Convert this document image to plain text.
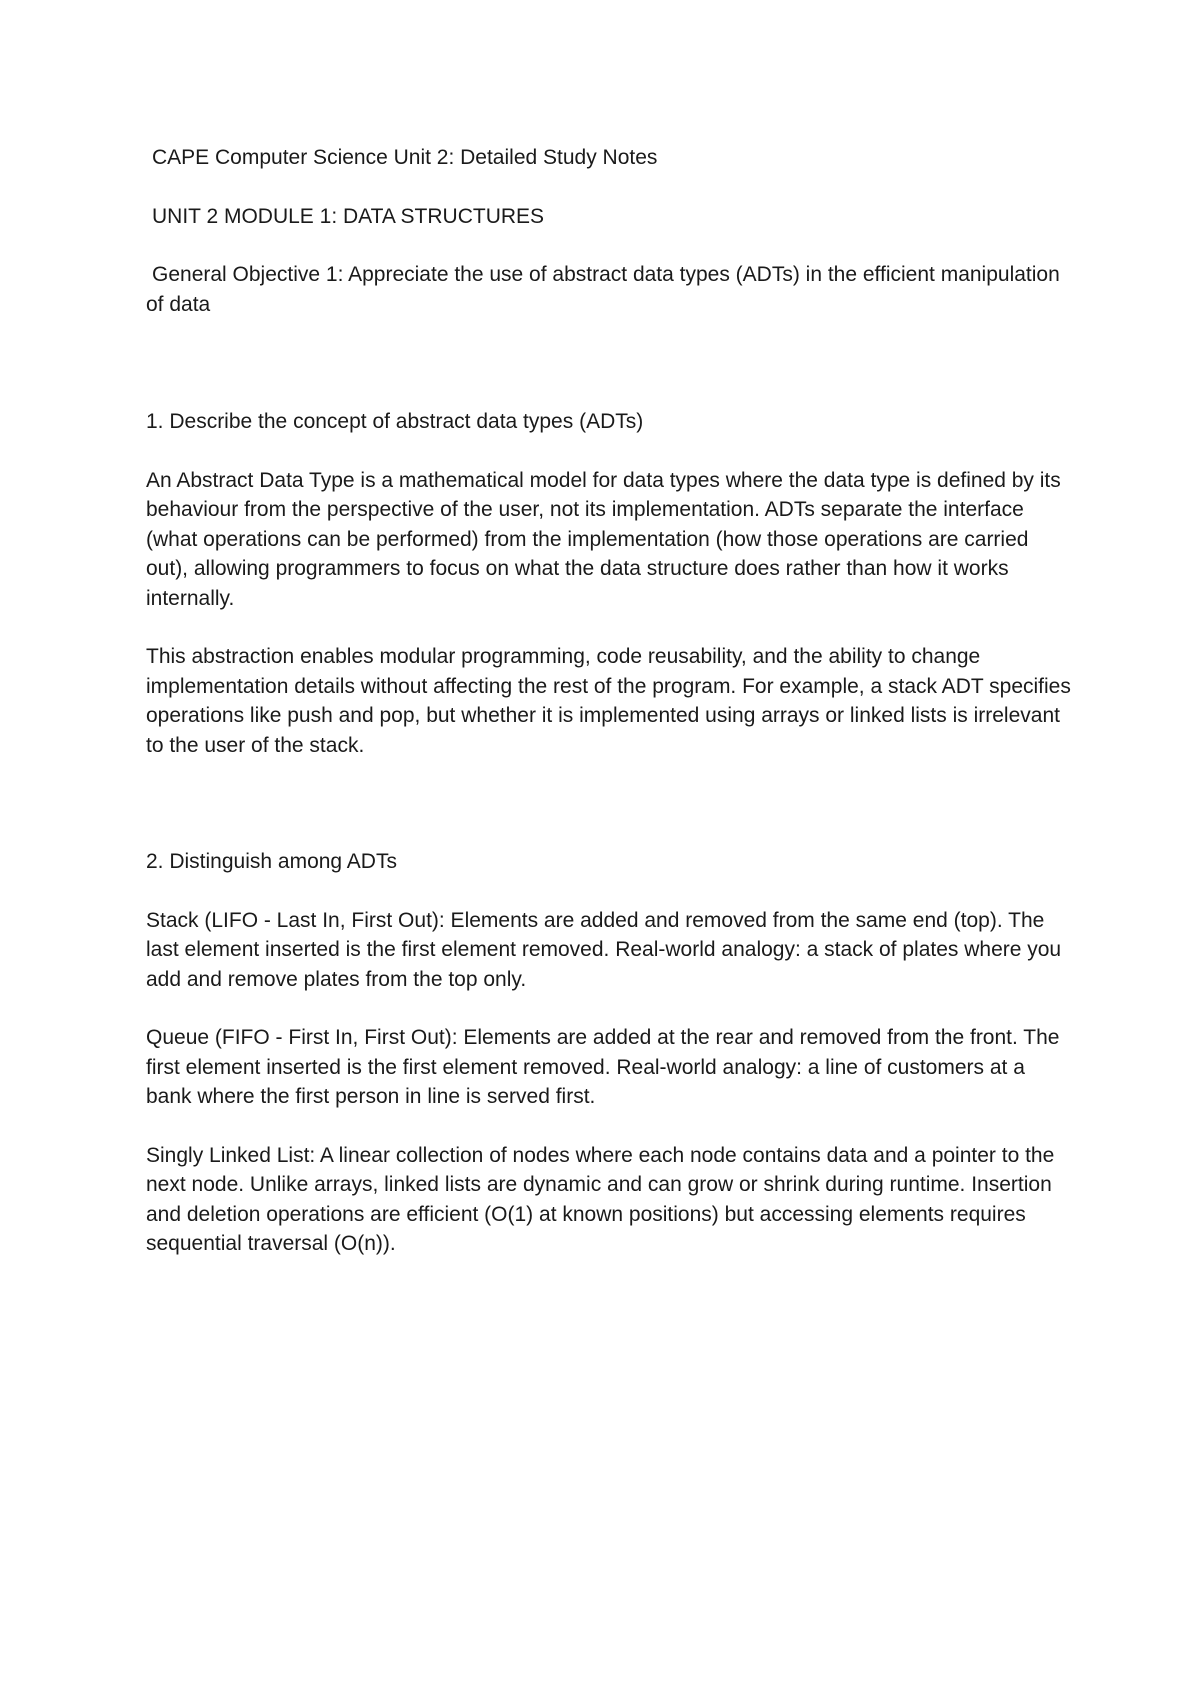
CAPE Computer Science Unit 2: Detailed Study Notes

UNIT 2 MODULE 1: DATA STRUCTURES

General Objective 1: Appreciate the use of abstract data types (ADTs) in the efficient manipulation of data

1. Describe the concept of abstract data types (ADTs)

An Abstract Data Type is a mathematical model for data types where the data type is defined by its behaviour from the perspective of the user, not its implementation. ADTs separate the interface (what operations can be performed) from the implementation (how those operations are carried out), allowing programmers to focus on what the data structure does rather than how it works internally.

This abstraction enables modular programming, code reusability, and the ability to change implementation details without affecting the rest of the program. For example, a stack ADT specifies operations like push and pop, but whether it is implemented using arrays or linked lists is irrelevant to the user of the stack.

2. Distinguish among ADTs

Stack (LIFO - Last In, First Out): Elements are added and removed from the same end (top). The last element inserted is the first element removed. Real-world analogy: a stack of plates where you add and remove plates from the top only.

Queue (FIFO - First In, First Out): Elements are added at the rear and removed from the front. The first element inserted is the first element removed. Real-world analogy: a line of customers at a bank where the first person in line is served first.

Singly Linked List: A linear collection of nodes where each node contains data and a pointer to the next node. Unlike arrays, linked lists are dynamic and can grow or shrink during runtime. Insertion and deletion operations are efficient (O(1) at known positions) but accessing elements requires sequential traversal (O(n)).
